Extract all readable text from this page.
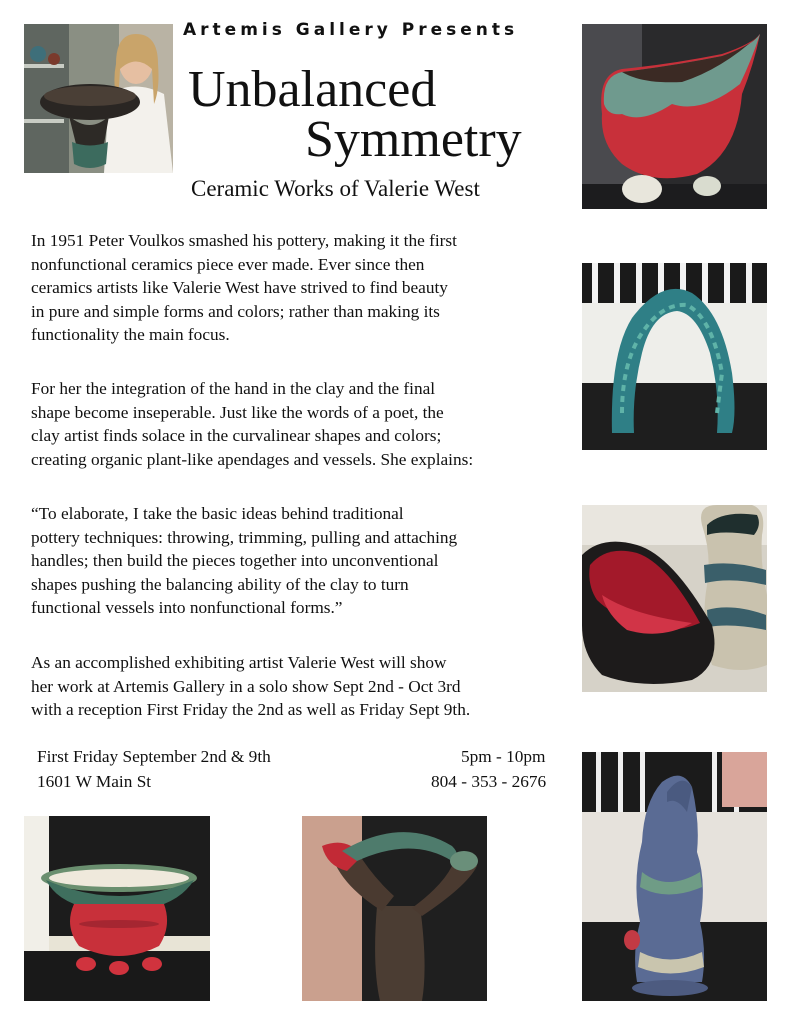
Artemis Gallery Presents
Unbalanced
Symmetry
Ceramic Works of Valerie West

In 1951 Peter Voulkos smashed his pottery, making it the first
nonfunctional ceramics piece ever made. Ever since then
ceramics artists like Valerie West have strived to find beauty
in pure and simple forms and colors; rather than making its
functionality the main focus.

For her the integration of the hand in the clay and the final
shape become inseperable. Just like the words of a poet, the
clay artist finds solace in the curvalinear shapes and colors;
creating organic plant-like apendages and vessels. She explains:

“To elaborate, I take the basic ideas behind traditional
pottery techniques: throwing, trimming, pulling and attaching
handles; then build the pieces together into unconventional
shapes pushing the balancing ability of the clay to turn
functional vessels into nonfunctional forms.”

As an accomplished exhibiting artist Valerie West will show
her work at Artemis Gallery in a solo show Sept 2nd - Oct 3rd
with a reception First Friday the 2nd as well as Friday Sept 9th.

First Friday September 2nd & 9th	5pm - 10pm
1601 W Main St	804 - 353 - 2676
